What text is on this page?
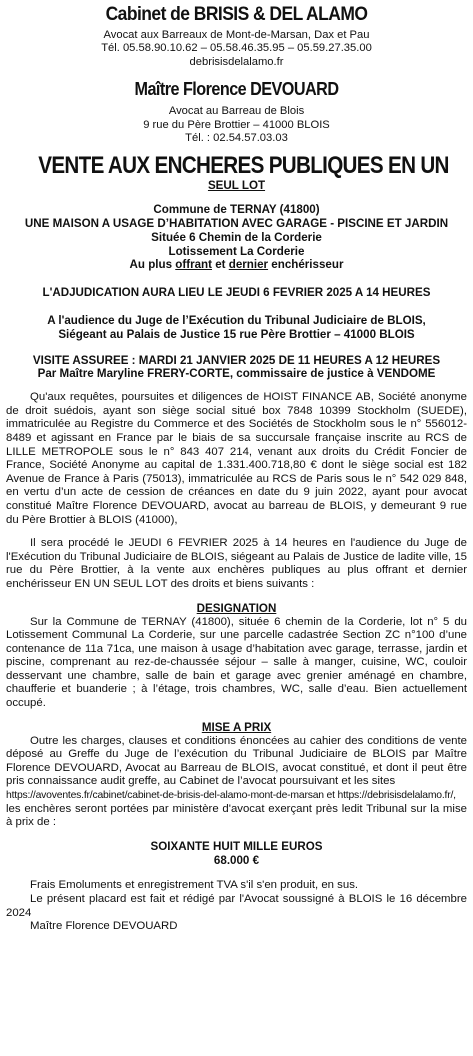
Cabinet de BRISIS & DEL ALAMO
Avocat aux Barreaux de Mont-de-Marsan, Dax et Pau
Tél. 05.58.90.10.62 – 05.58.46.35.95 – 05.59.27.35.00
debrisisdelalamo.fr
Maître Florence DEVOUARD
Avocat au Barreau de Blois
9 rue du Père Brottier – 41000 BLOIS
Tél. : 02.54.57.03.03
VENTE AUX ENCHERES PUBLIQUES EN UN
SEUL LOT
Commune de TERNAY (41800)
UNE MAISON A USAGE D’HABITATION AVEC GARAGE - PISCINE ET JARDIN
Située 6 Chemin de la Corderie
Lotissement La Corderie
Au plus offrant et dernier enchérisseur
L'ADJUDICATION AURA LIEU LE JEUDI 6 FEVRIER 2025 A 14 HEURES
A l'audience du Juge de l’Exécution du Tribunal Judiciaire de BLOIS,
Siégeant au Palais de Justice 15 rue Père Brottier – 41000 BLOIS
VISITE ASSUREE : MARDI 21 JANVIER 2025 DE 11 HEURES A 12 HEURES
Par Maître Maryline FRERY-CORTE, commissaire de justice à VENDOME
Qu'aux requêtes, poursuites et diligences de HOIST FINANCE AB, Société anonyme de droit suédois, ayant son siège social situé box 7848 10399 Stockholm (SUEDE), immatriculée au Registre du Commerce et des Sociétés de Stockholm sous le n° 556012-8489 et agissant en France par le biais de sa succursale française inscrite au RCS de LILLE METROPOLE sous le n° 843 407 214, venant aux droits du Crédit Foncier de France, Société Anonyme au capital de 1.331.400.718,80 € dont le siège social est 182 Avenue de France à Paris (75013), immatriculée au RCS de Paris sous le n° 542 029 848, en vertu d’un acte de cession de créances en date du 9 juin 2022, ayant pour avocat constitué Maître Florence DEVOUARD, avocat au barreau de BLOIS, y demeurant 9 rue du Père Brottier à BLOIS (41000),
Il sera procédé le JEUDI 6 FEVRIER 2025 à 14 heures en l'audience du Juge de l'Exécution du Tribunal Judiciaire de BLOIS, siégeant au Palais de Justice de ladite ville, 15 rue du Père Brottier, à la vente aux enchères publiques au plus offrant et dernier enchérisseur EN UN SEUL LOT des droits et biens suivants :
DESIGNATION
Sur la Commune de TERNAY (41800), située 6 chemin de la Corderie, lot n° 5 du Lotissement Communal La Corderie, sur une parcelle cadastrée Section ZC n°100 d’une contenance de 11a 71ca, une maison à usage d’habitation avec garage, terrasse, jardin et piscine, comprenant au rez-de-chaussée séjour – salle à manger, cuisine, WC, couloir desservant une chambre, salle de bain et garage avec grenier aménagé en chambre, chaufferie et buanderie ; à l’étage, trois chambres, WC, salle d’eau. Bien actuellement occupé.
MISE A PRIX
Outre les charges, clauses et conditions énoncées au cahier des conditions de vente déposé au Greffe du Juge de l’exécution du Tribunal Judiciaire de BLOIS par Maître Florence DEVOUARD, Avocat au Barreau de BLOIS, avocat constitué, et dont il peut être pris connaissance audit greffe, au Cabinet de l’avocat poursuivant et les sites
https://avoventes.fr/cabinet/cabinet-de-brisis-del-alamo-mont-de-marsan et https://debrisisdelalamo.fr/,
les enchères seront portées par ministère d'avocat exerçant près ledit Tribunal sur la mise à prix de :
SOIXANTE HUIT MILLE EUROS
68.000 €
Frais Emoluments et enregistrement TVA s'il s'en produit, en sus.
Le présent placard est fait et rédigé par l'Avocat soussigné à BLOIS le 16 décembre 2024
Maître Florence DEVOUARD
